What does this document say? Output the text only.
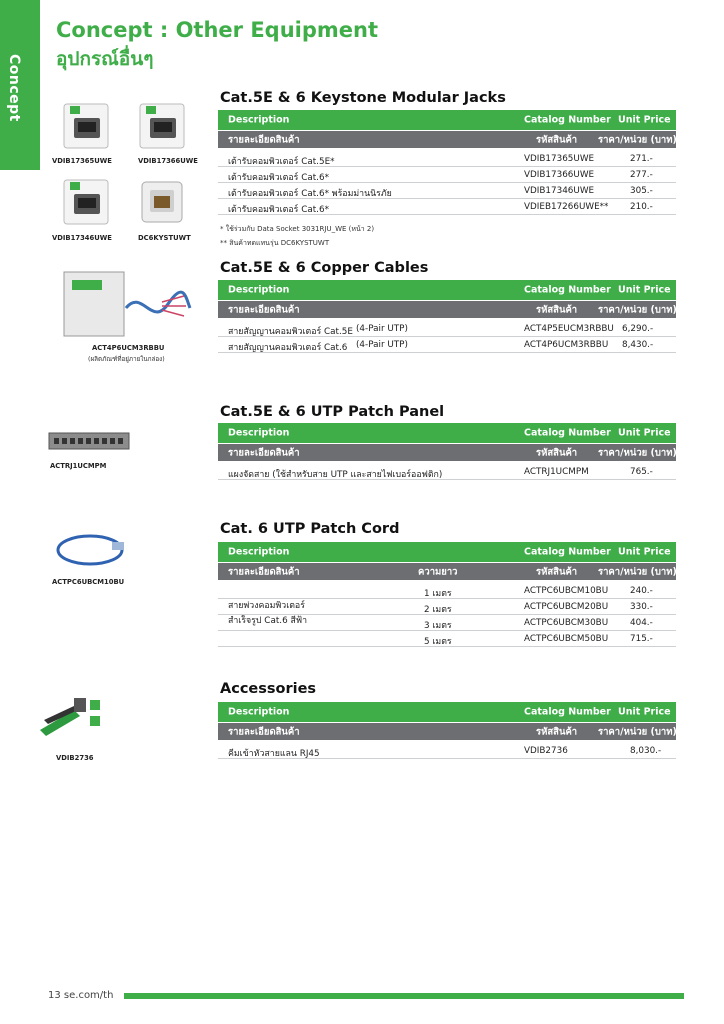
Concept
Concept : Other Equipment
อุปกรณ์อื่นๆ
VDIB17365UWE	VDIB17366UWE
VDIB17346UWE	DC6KYSTUWT
ACT4P6UCM3RBBU
(ผลิตภัณฑ์ที่อยู่ภายในกล่อง)
ACTRJ1UCMPM
ACTPC6UBCM10BU
VDIB2736
Cat.5E & 6 Keystone Modular Jacks
Description	Catalog Number Unit Price
รายละเอียดสินค้า	รหัสสินค้า ราคา/หน่วย (บาท)
เต้ารับคอมพิวเตอร์ Cat.5E*	VDIB17365UWE	271.-
เต้ารับคอมพิวเตอร์ Cat.6*	VDIB17366UWE	277.-
เต้ารับคอมพิวเตอร์ Cat.6* พร้อมม่านนิรภัย	VDIB17346UWE	305.-
เต้ารับคอมพิวเตอร์ Cat.6*	VDIEB17266UWE** 210.-
* ใช้ร่วมกับ Data Socket 3031RJU_WE (หน้า 2)
** สินค้าทดแทนรุ่น DC6KYSTUWT
Cat.5E & 6 Copper Cables
Description	Catalog Number Unit Price
รายละเอียดสินค้า	รหัสสินค้า ราคา/หน่วย (บาท)
สายสัญญานคอมพิวเตอร์ Cat.5E (4-Pair UTP)	ACT4P5EUCM3RBBU 6,290.-
สายสัญญานคอมพิวเตอร์ Cat.6 (4-Pair UTP)	ACT4P6UCM3RBBU 8,430.-
Cat.5E & 6 UTP Patch Panel
Description	Catalog Number Unit Price
รายละเอียดสินค้า	รหัสสินค้า ราคา/หน่วย (บาท)
แผงจัดสาย (ใช้สำหรับสาย UTP และสายไฟเบอร์ออฟติก)	ACTRJ1UCMPM	765.-
Cat. 6 UTP Patch Cord
Description	Catalog Number Unit Price
รายละเอียดสินค้า	ความยาว	รหัสสินค้า ราคา/หน่วย (บาท)
สายพ่วงคอมพิวเตอร์
สำเร็จรูป Cat.6 สีฟ้า
1 เมตร	ACTPC6UBCM10BU 240.-
2 เมตร	ACTPC6UBCM20BU 330.-
3 เมตร	ACTPC6UBCM30BU 404.-
5 เมตร	ACTPC6UBCM50BU 715.-
Accessories
Description	Catalog Number Unit Price
รายละเอียดสินค้า	รหัสสินค้า ราคา/หน่วย (บาท)
คีมเข้าหัวสายแลน RJ45	VDIB2736	8,030.-
13 se.com/th
